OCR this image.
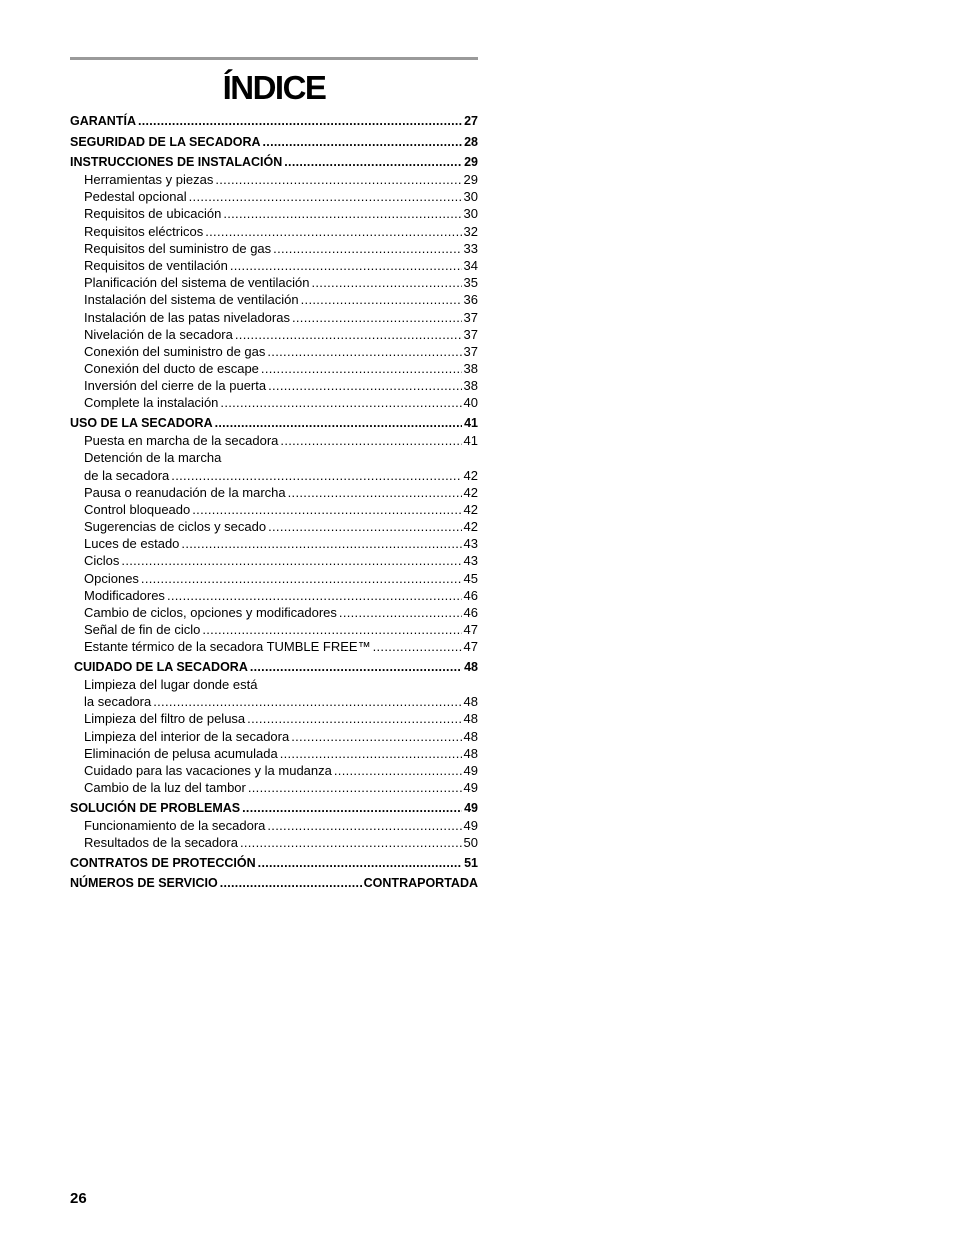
ÍNDICE
GARANTÍA .....	27
SEGURIDAD DE LA SECADORA .....	28
INSTRUCCIONES DE INSTALACIÓN .....	29
Herramientas y piezas .....	29
Pedestal opcional .....	30
Requisitos de ubicación .....	30
Requisitos eléctricos .....	32
Requisitos del suministro de gas .....	33
Requisitos de ventilación .....	34
Planificación del sistema de ventilación .....	35
Instalación del sistema de ventilación .....	36
Instalación de las patas niveladoras .....	37
Nivelación de la secadora .....	37
Conexión del suministro de gas .....	37
Conexión del ducto de escape .....	38
Inversión del cierre de la puerta .....	38
Complete la instalación .....	40
USO DE LA SECADORA .....	41
Puesta en marcha de la secadora .....	41
Detención de la marcha
de la secadora .....	42
Pausa o reanudación de la marcha .....	42
Control bloqueado .....	42
Sugerencias de ciclos y secado .....	42
Luces de estado .....	43
Ciclos .....	43
Opciones .....	45
Modificadores .....	46
Cambio de ciclos, opciones y modificadores .....	46
Señal de fin de ciclo .....	47
Estante térmico de la secadora TUMBLE FREE™ .....	47
CUIDADO DE LA SECADORA .....	48
Limpieza del lugar donde está
la secadora .....	48
Limpieza del filtro de pelusa .....	48
Limpieza del interior de la secadora .....	48
Eliminación de pelusa acumulada .....	48
Cuidado para las vacaciones y la mudanza .....	49
Cambio de la luz del tambor .....	49
SOLUCIÓN DE PROBLEMAS .....	49
Funcionamiento de la secadora .....	49
Resultados de la secadora .....	50
CONTRATOS DE PROTECCIÓN .....	51
NÚMEROS DE SERVICIO .....	CONTRAPORTADA
26
